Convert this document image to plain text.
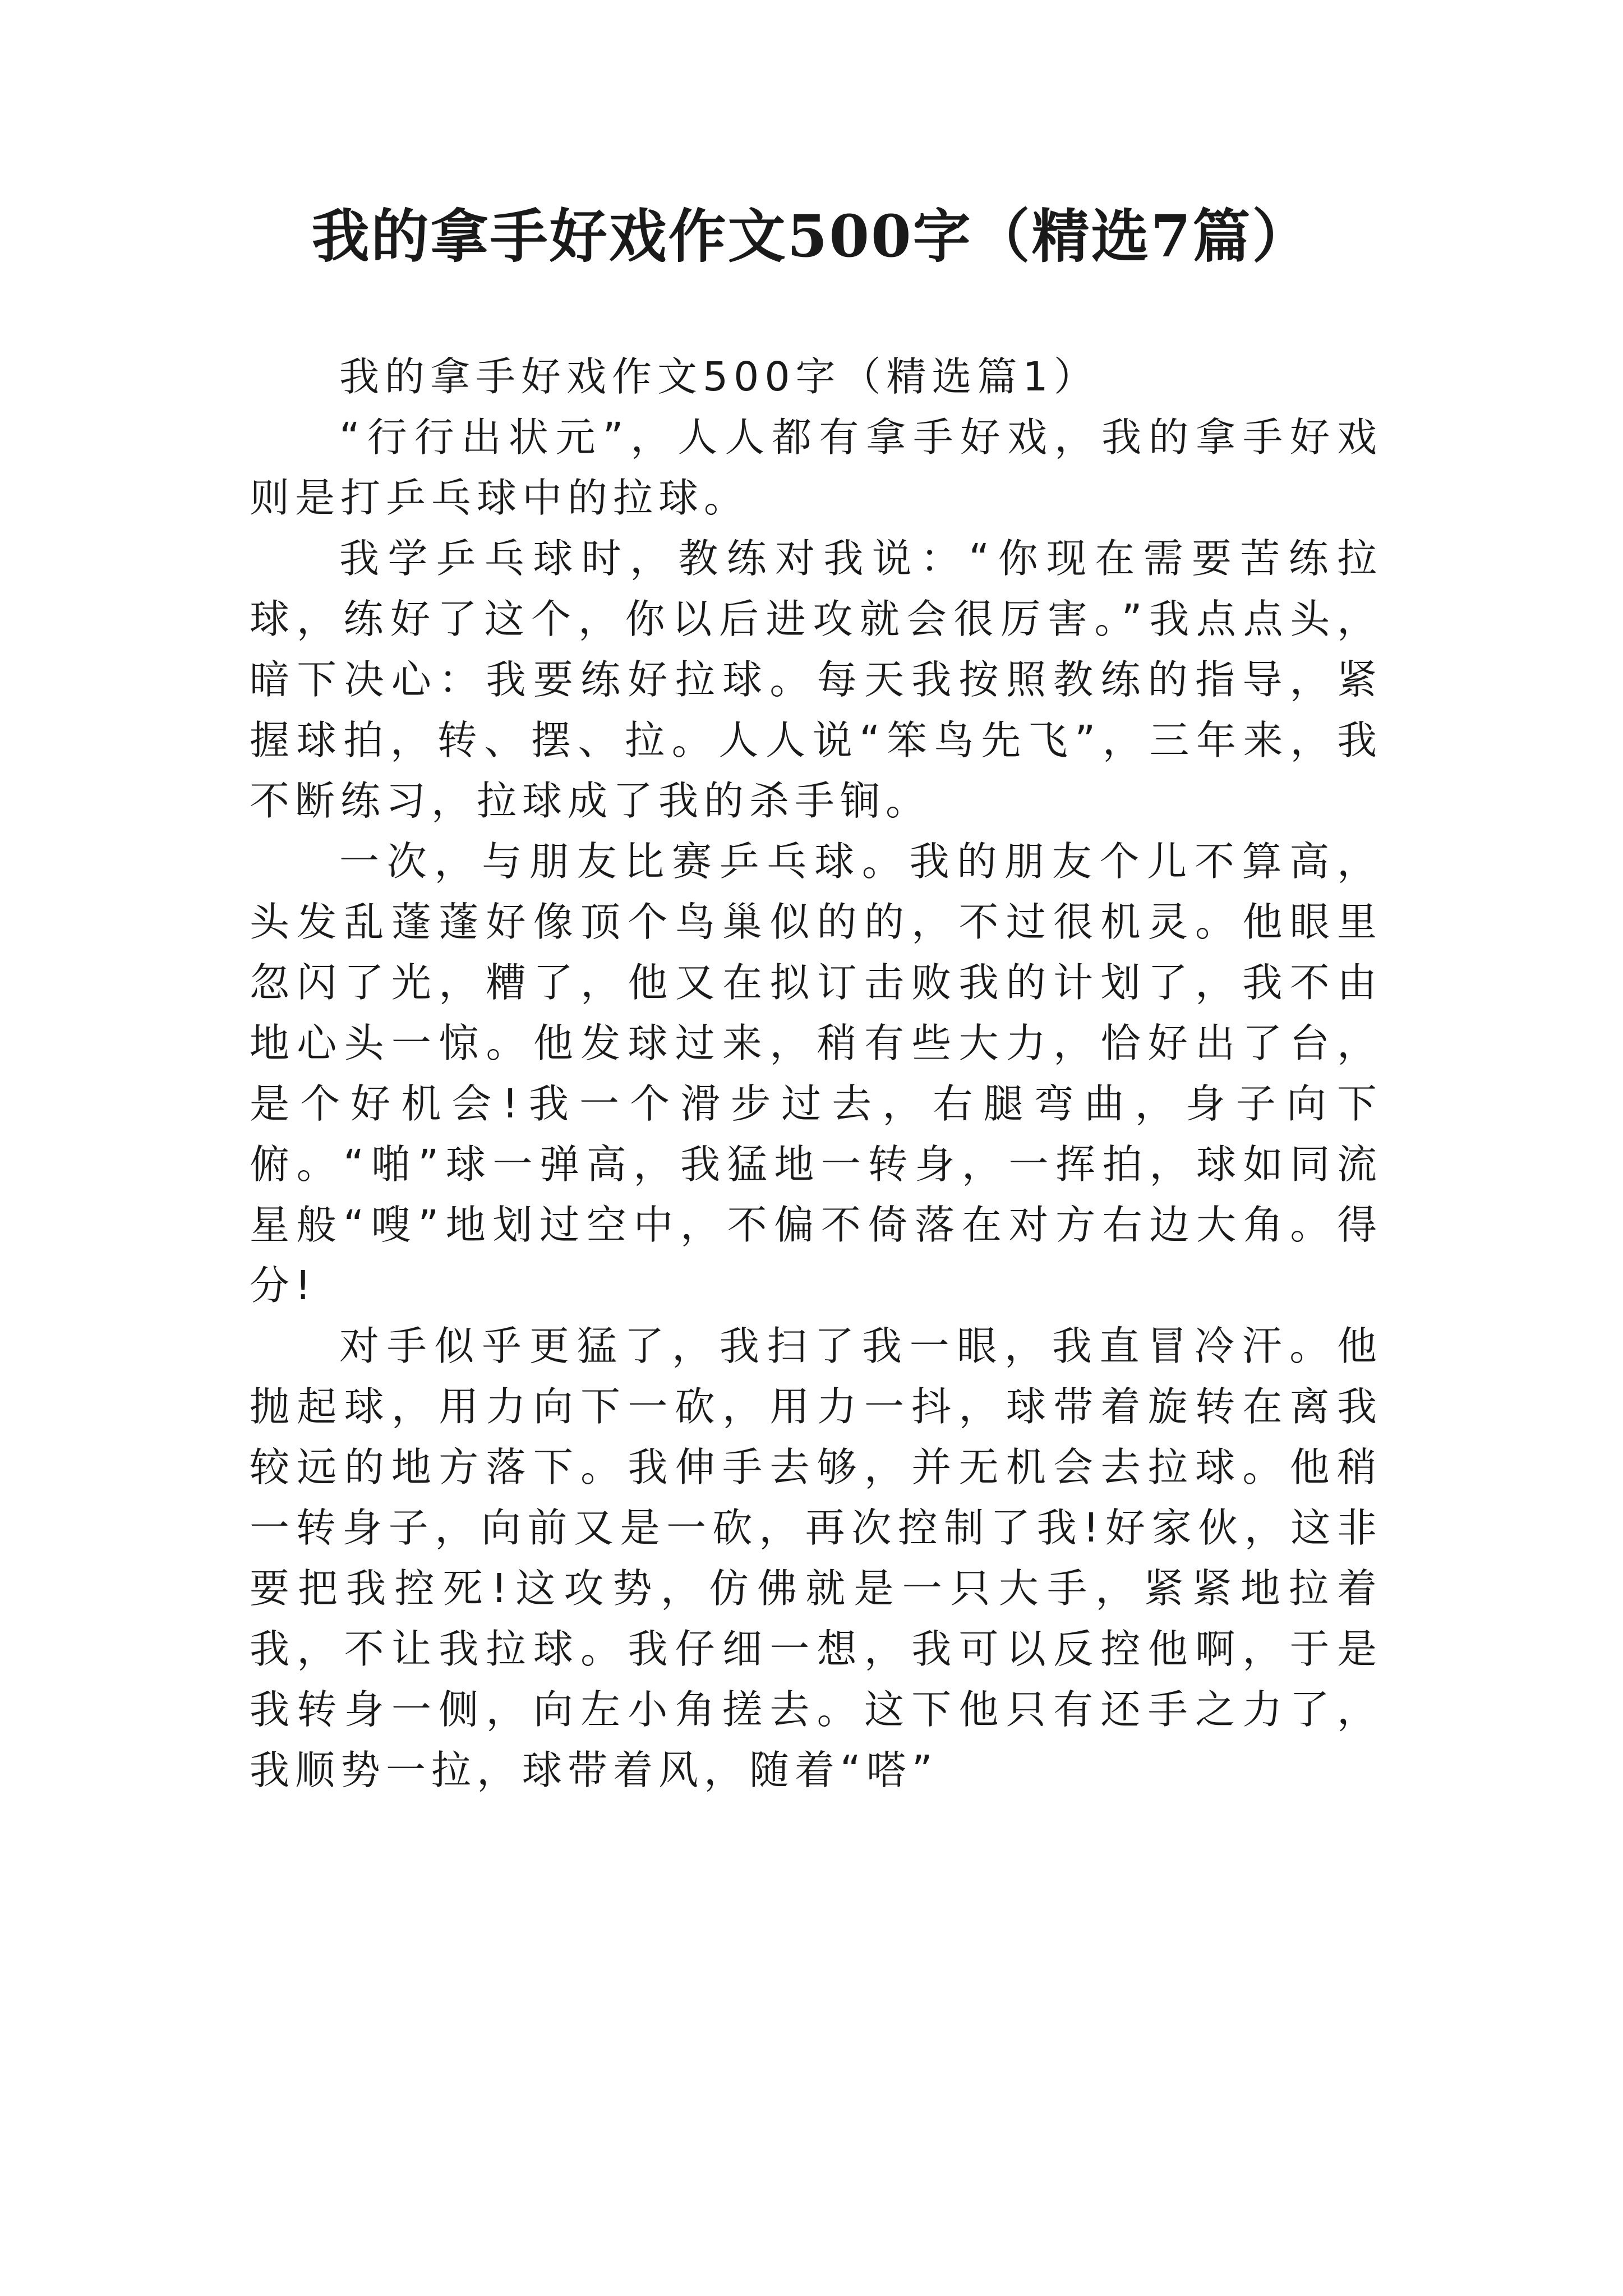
我的拿手好戏作文500字（精选7篇）
我的拿手好戏作文500字（精选篇1）

“行行出状元”，人人都有拿手好戏，我的拿手好戏则是打乒乓球中的拉球。

我学乒乓球时，教练对我说：“你现在需要苦练拉球，练好了这个，你以后进攻就会很厉害。”我点点头，暗下决心：我要练好拉球。每天我按照教练的指导，紧握球拍，转、摆、拉。人人说“笨鸟先飞”，三年来，我不断练习，拉球成了我的杀手锏。

一次，与朋友比赛乒乓球。我的朋友个儿不算高，头发乱蓬蓬好像顶个鸟巢似的的，不过很机灵。他眼里忽闪了光，糟了，他又在拟订击败我的计划了，我不由地心头一惊。他发球过来，稍有些大力，恰好出了台，是个好机会!我一个滑步过去，右腿弯曲，身子向下俯。“啪”球一弹高，我猛地一转身，一挥拍，球如同流星般“嗖”地划过空中，不偏不倚落在对方右边大角。得分!

对手似乎更猛了，我扫了我一眼，我直冒冷汗。他抛起球，用力向下一砍，用力一抖，球带着旋转在离我较远的地方落下。我伸手去够，并无机会去拉球。他稍一转身子，向前又是一砍，再次控制了我!好家伙，这非要把我控死!这攻势，仿佛就是一只大手，紧紧地拉着我，不让我拉球。我仔细一想，我可以反控他啊，于是我转身一侧，向左小角搓去。这下他只有还手之力了，我顺势一拉，球带着风，随着“嗒”
